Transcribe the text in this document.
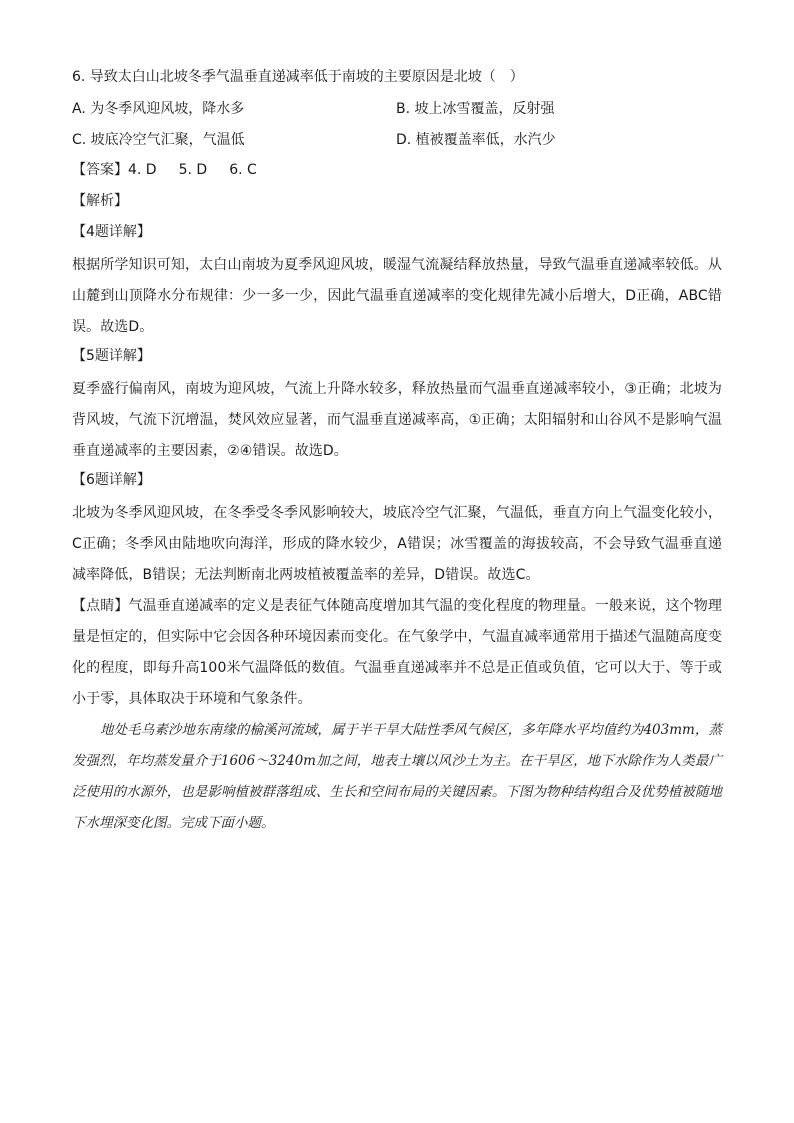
6. 导致太白山北坡冬季气温垂直递减率低于南坡的主要原因是北坡（　）
A. 为冬季风迎风坡，降水多	B. 坡上冰雪覆盖，反射强
C. 坡底冷空气汇聚，气温低	D. 植被覆盖率低，水汽少
【答案】4. D 5. D 6. C
【解析】
【4题详解】
根据所学知识可知，太白山南坡为夏季风迎风坡，暖湿气流凝结释放热量，导致气温垂直递减率较低。从山麓到山顶降水分布规律：少一多一少，因此气温垂直递减率的变化规律先减小后增大，D正确，ABC错误。故选D。
【5题详解】
夏季盛行偏南风，南坡为迎风坡，气流上升降水较多，释放热量而气温垂直递减率较小，③正确；北坡为背风坡，气流下沉增温，焚风效应显著，而气温垂直递减率高，①正确；太阳辐射和山谷风不是影响气温垂直递减率的主要因素，②④错误。故选D。
【6题详解】
北坡为冬季风迎风坡，在冬季受冬季风影响较大，坡底冷空气汇聚，气温低，垂直方向上气温变化较小，C正确；冬季风由陆地吹向海洋，形成的降水较少，A错误；冰雪覆盖的海拔较高，不会导致气温垂直递减率降低，B错误；无法判断南北两坡植被覆盖率的差异，D错误。故选C。
【点睛】气温垂直递减率的定义是表征气体随高度增加其气温的变化程度的物理量。一般来说，这个物理量是恒定的，但实际中它会因各种环境因素而变化。在气象学中，气温直减率通常用于描述气温随高度变化的程度，即每升高100米气温降低的数值。气温垂直递减率并不总是正值或负值，它可以大于、等于或小于零，具体取决于环境和气象条件。
地处毛乌素沙地东南缘的榆溪河流域，属于半干旱大陆性季风气候区，多年降水平均值约为403mm，蒸发强烈，年均蒸发量介于1606～3240m加之间，地表土壤以风沙土为主。在干旱区，地下水除作为人类最广泛使用的水源外，也是影响植被群落组成、生长和空间布局的关键因素。下图为物种结构组合及优势植被随地下水埋深变化图。完成下面小题。
